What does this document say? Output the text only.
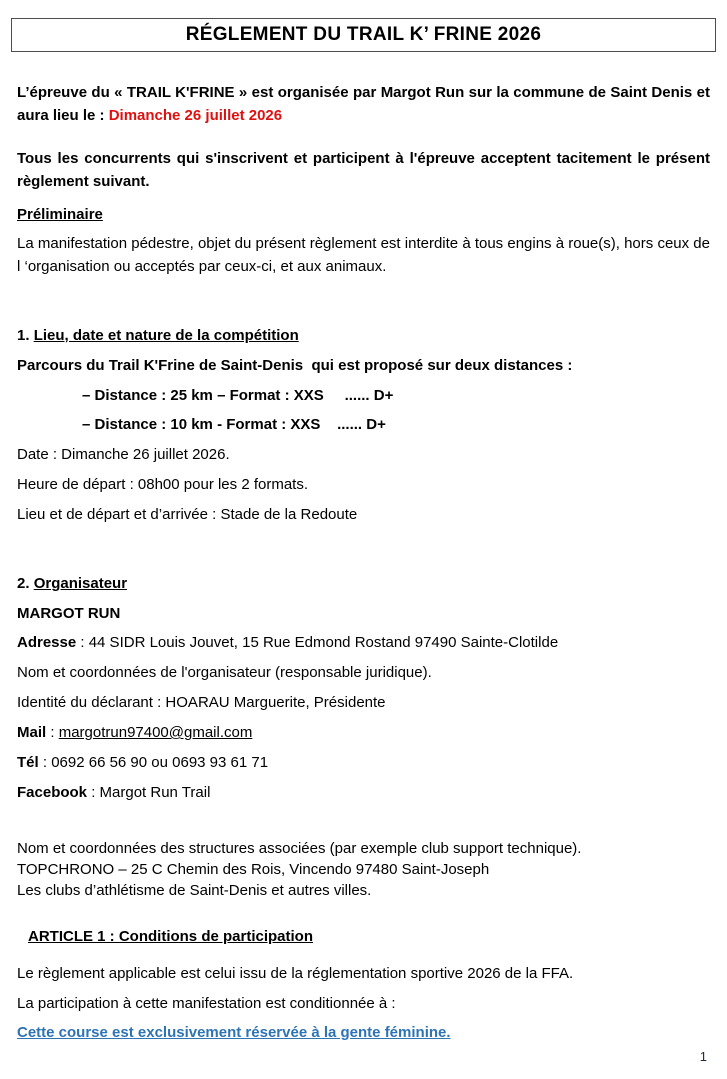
RÉGLEMENT DU TRAIL K’ FRINE 2026

L’épreuve du « TRAIL K'FRINE » est organisée par Margot Run sur la commune de Saint Denis et aura lieu le : Dimanche 26 juillet 2026

Tous les concurrents qui s'inscrivent et participent à l'épreuve acceptent tacitement le présent règlement suivant.

Préliminaire

La manifestation pédestre, objet du présent règlement est interdite à tous engins à roue(s), hors ceux de l ‘organisation ou acceptés par ceux-ci, et aux animaux.

1. Lieu, date et nature de la compétition

Parcours du Trail K'Frine de Saint-Denis  qui est proposé sur deux distances :

– Distance : 25 km – Format : XXS     ...... D+

– Distance : 10 km - Format : XXS    ...... D+

Date : Dimanche 26 juillet 2026.

Heure de départ : 08h00 pour les 2 formats.

Lieu et de départ et d’arrivée : Stade de la Redoute

2. Organisateur

MARGOT RUN

Adresse : 44 SIDR Louis Jouvet, 15 Rue Edmond Rostand 97490 Sainte-Clotilde

Nom et coordonnées de l'organisateur (responsable juridique).

Identité du déclarant : HOARAU Marguerite, Présidente

Mail : margotrun97400@gmail.com

Tél : 0692 66 56 90 ou 0693 93 61 71

Facebook : Margot Run Trail

Nom et coordonnées des structures associées (par exemple club support technique).

TOPCHRONO – 25 C Chemin des Rois, Vincendo 97480 Saint-Joseph

Les clubs d’athlétisme de Saint-Denis et autres villes.

ARTICLE 1 : Conditions de participation

Le règlement applicable est celui issu de la réglementation sportive 2026 de la FFA.

La participation à cette manifestation est conditionnée à :

Cette course est exclusivement réservée à la gente féminine.

1
